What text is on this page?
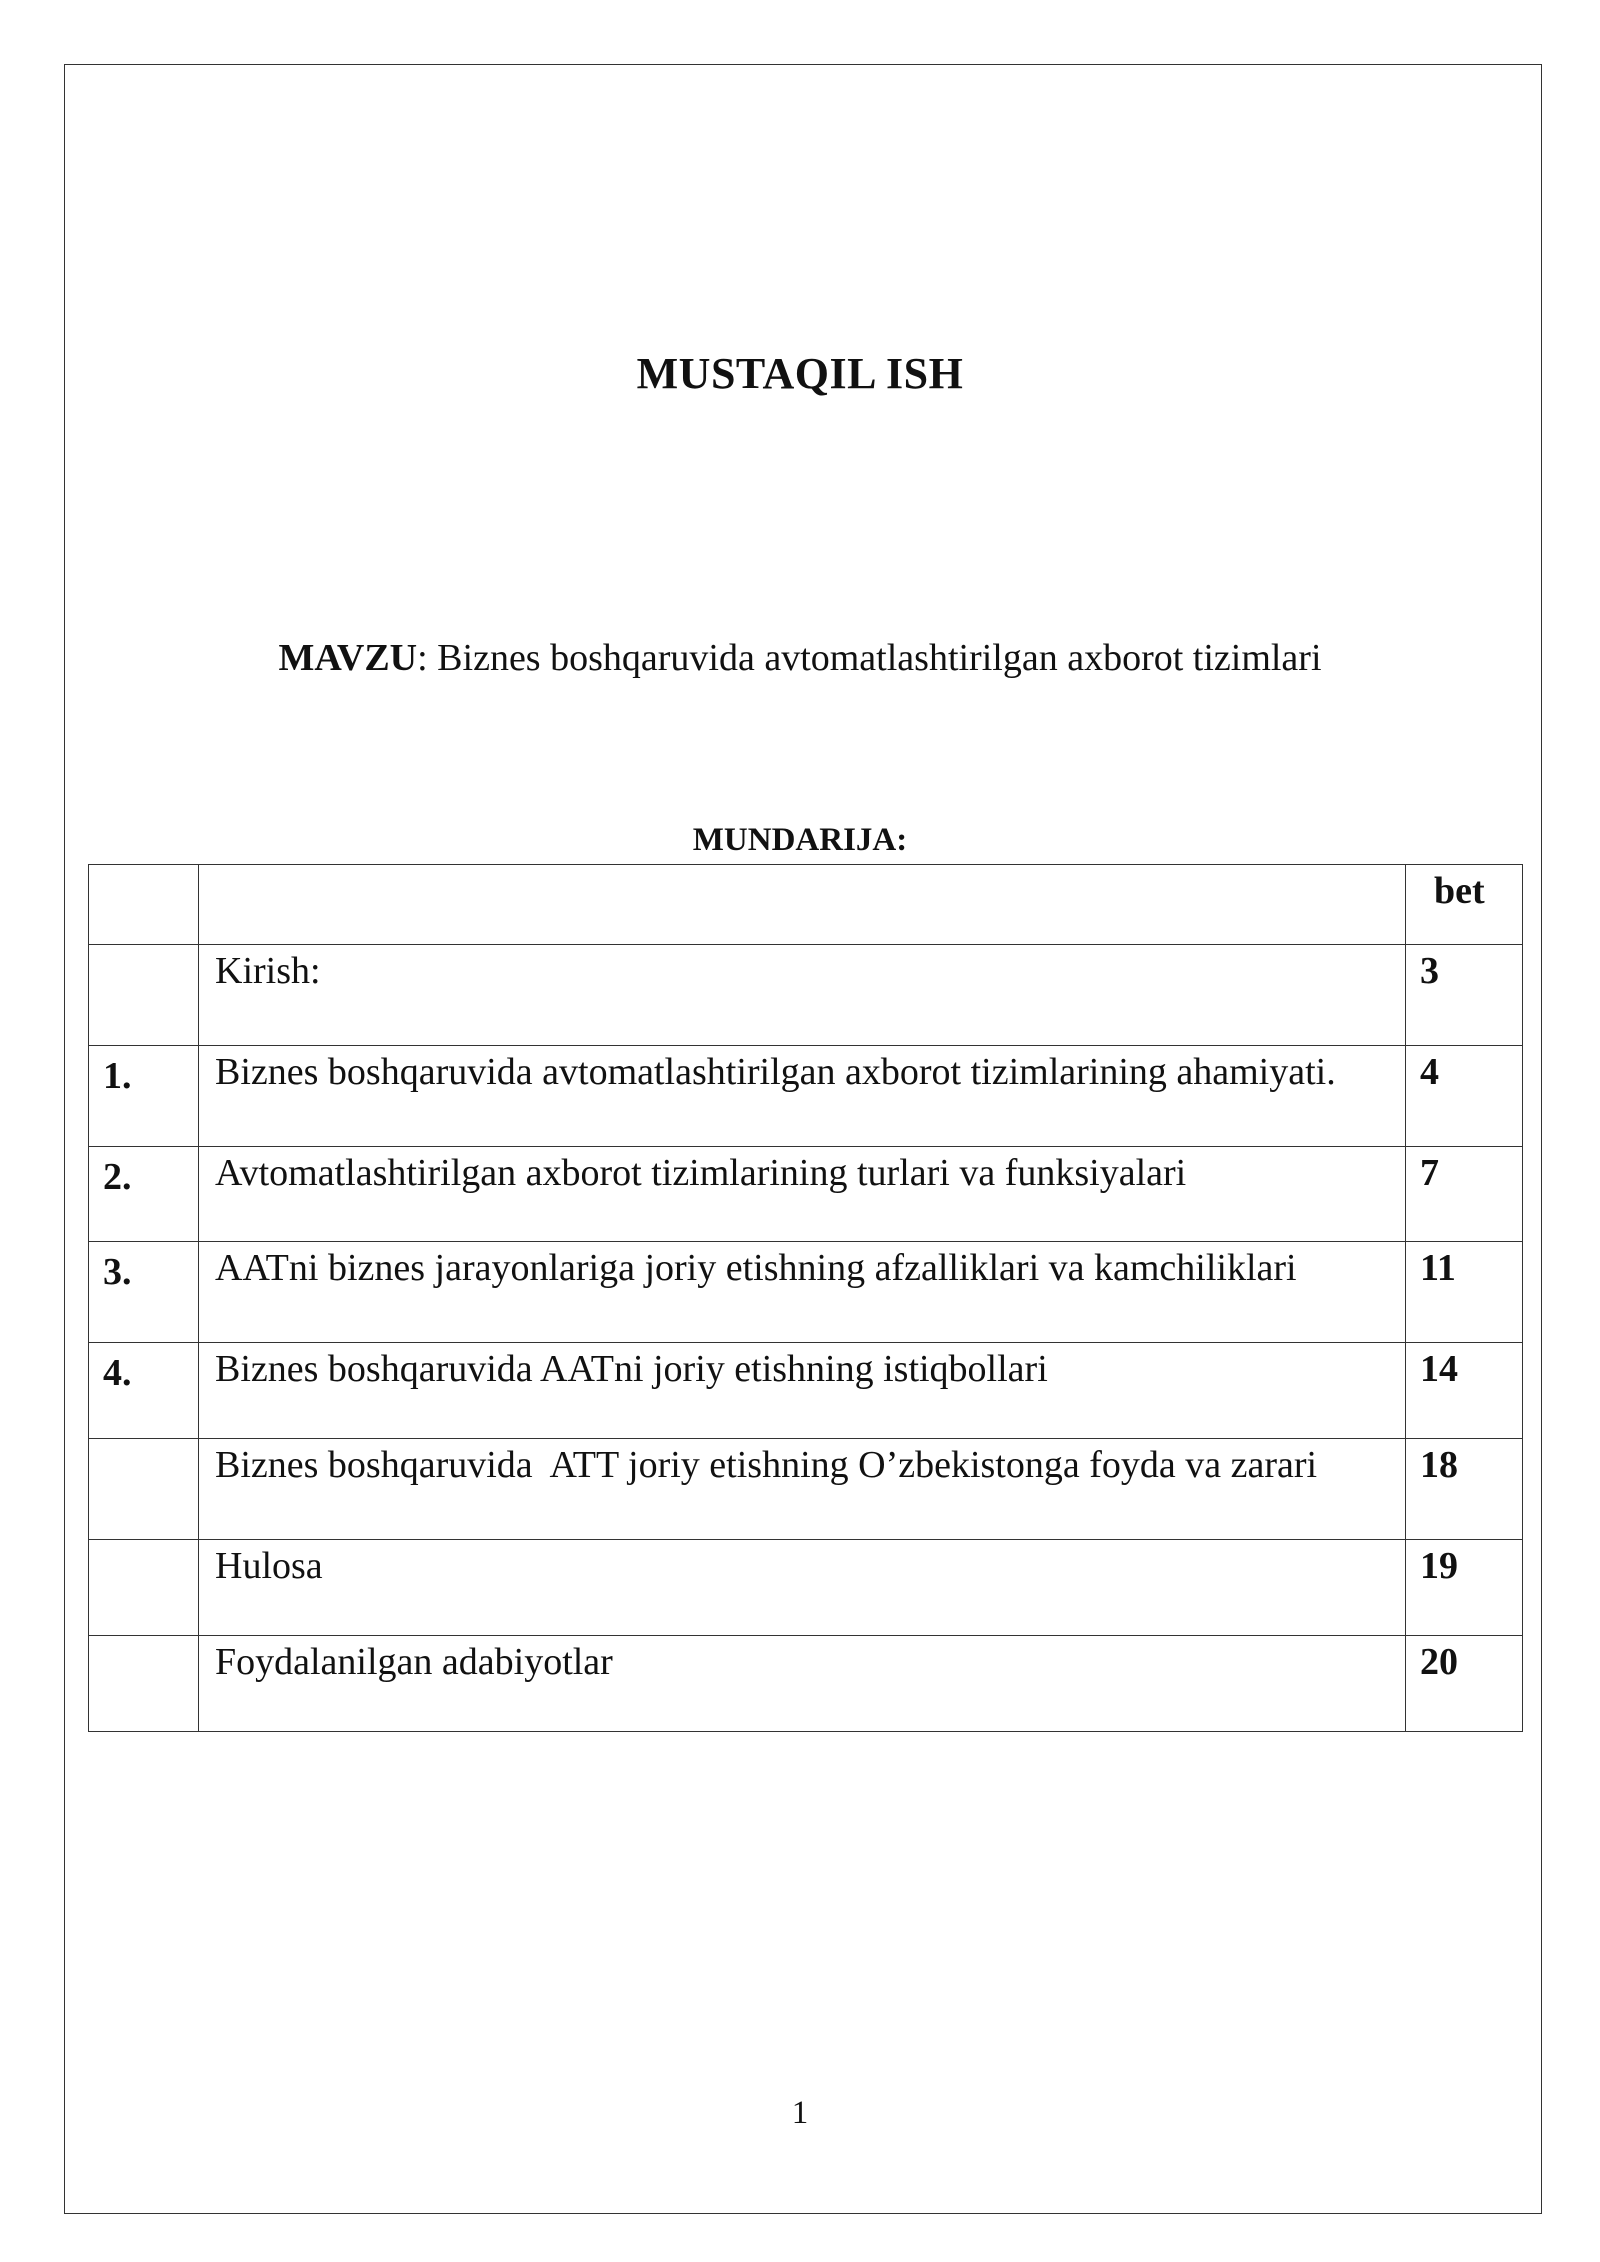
MUSTAQIL ISH
MAVZU: Biznes boshqaruvida avtomatlashtirilgan axborot tizimlari
MUNDARIJA:
		bet
	Kirish:	3
1.	Biznes boshqaruvida avtomatlashtirilgan axborot tizimlarining ahamiyati.	4
2.	Avtomatlashtirilgan axborot tizimlarining turlari va funksiyalari	7
3.	AATni biznes jarayonlariga joriy etishning afzalliklari va kamchiliklari	11
4.	Biznes boshqaruvida AATni joriy etishning istiqbollari	14
	Biznes boshqaruvida  ATT joriy etishning O’zbekistonga foyda va zarari	18
	Hulosa	19
	Foydalanilgan adabiyotlar	20
1
